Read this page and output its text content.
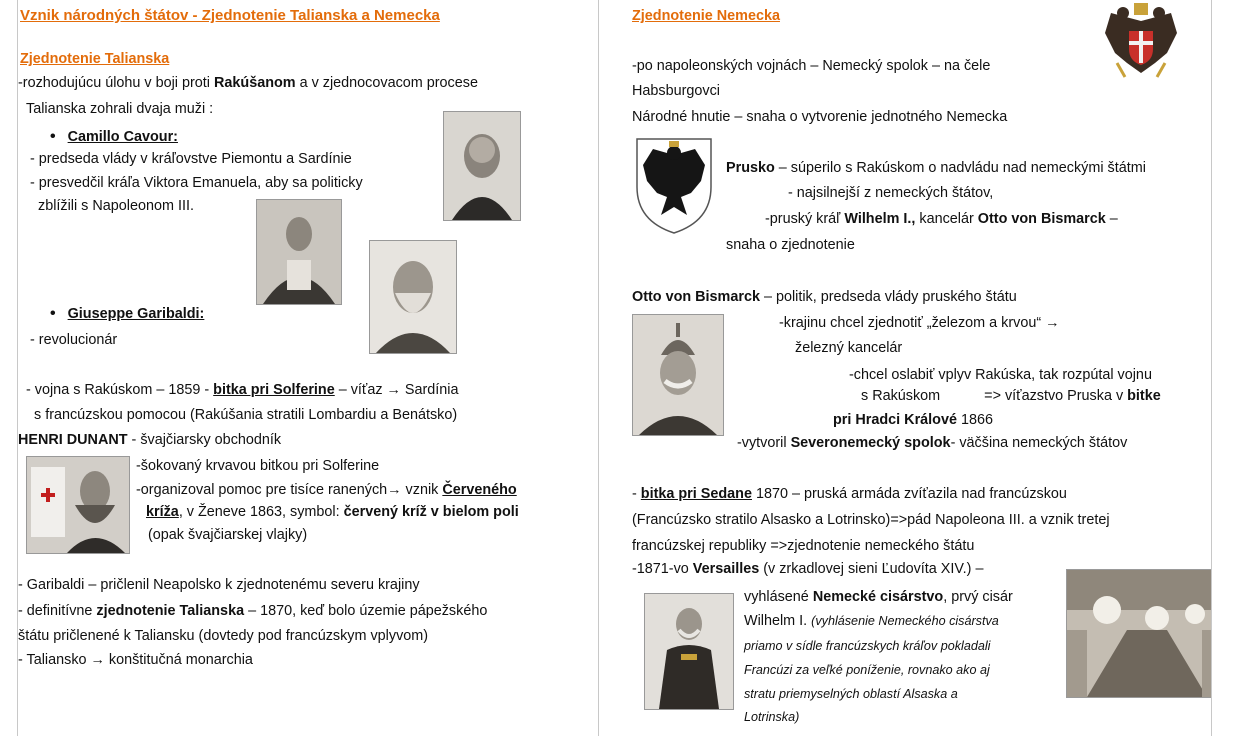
Vznik národných štátov - Zjednotenie Talianska a Nemecka
Zjednotenie Talianska
-rozhodujúcu úlohu v boji proti Rakúšanom a v zjednocovacom procese
Talianska zohrali dvaja muži :
• Camillo Cavour:
- predseda vlády v kráľovstve Piemontu a Sardínie
- presvedčil kráľa Viktora Emanuela, aby sa politicky
zblížili s Napoleonom III.
• Giuseppe Garibaldi:
- revolucionár
- vojna s Rakúskom – 1859 - bitka pri Solferine – víťaz → Sardínia
s francúzskou pomocou (Rakúšania stratili Lombardiu a Benátsko)
HENRI DUNANT - švajčiarsky obchodník
-šokovaný krvavou bitkou pri Solferine
-organizoval pomoc pre tisíce ranených→ vznik Červeného
kríža, v Ženeve 1863, symbol: červený kríž v bielom poli
(opak švajčiarskej vlajky)
- Garibaldi – pričlenil Neapolsko k zjednotenému severu krajiny
- definitívne zjednotenie Talianska – 1870, keď bolo územie pápežského
štátu pričlenené k Taliansku (dovtedy pod francúzskym vplyvom)
- Taliansko → konštitučná monarchia
Zjednotenie Nemecka
-po napoleonských vojnách – Nemecký spolok – na čele
Habsburgovci
Národné hnutie – snaha o vytvorenie jednotného Nemecka
Prusko – súperilo s Rakúskom o nadvládu nad nemeckými štátmi
- najsilnejší z nemeckých štátov,
-pruský kráľ Wilhelm I., kancelár Otto von Bismarck –
snaha o zjednotenie
Otto von Bismarck – politik, predseda vlády pruského štátu
-krajinu chcel zjednotiť „železom a krvou“ →
železný kancelár
-chcel oslabiť vplyv Rakúska, tak rozpútal vojnu
s Rakúskom	=> víťazstvo Pruska v bitke
pri Hradci Králové 1866
-vytvoril Severonemecký spolok- väčšina nemeckých štátov
- bitka pri Sedane 1870 – pruská armáda zvíťazila nad francúzskou
(Francúzsko stratilo Alsasko a Lotrinsko)=>pád Napoleona III. a vznik tretej
francúzskej republiky =>zjednotenie nemeckého štátu
-1871-vo Versailles (v zrkadlovej sieni Ľudovíta XIV.) –
vyhlásené Nemecké cisárstvo, prvý cisár
Wilhelm I. (vyhlásenie Nemeckého cisárstva
priamo v sídle francúzskych kráľov pokladali
Francúzi za veľké poníženie, rovnako ako aj
stratu priemyselných oblastí Alsaska a
Lotrinska)
